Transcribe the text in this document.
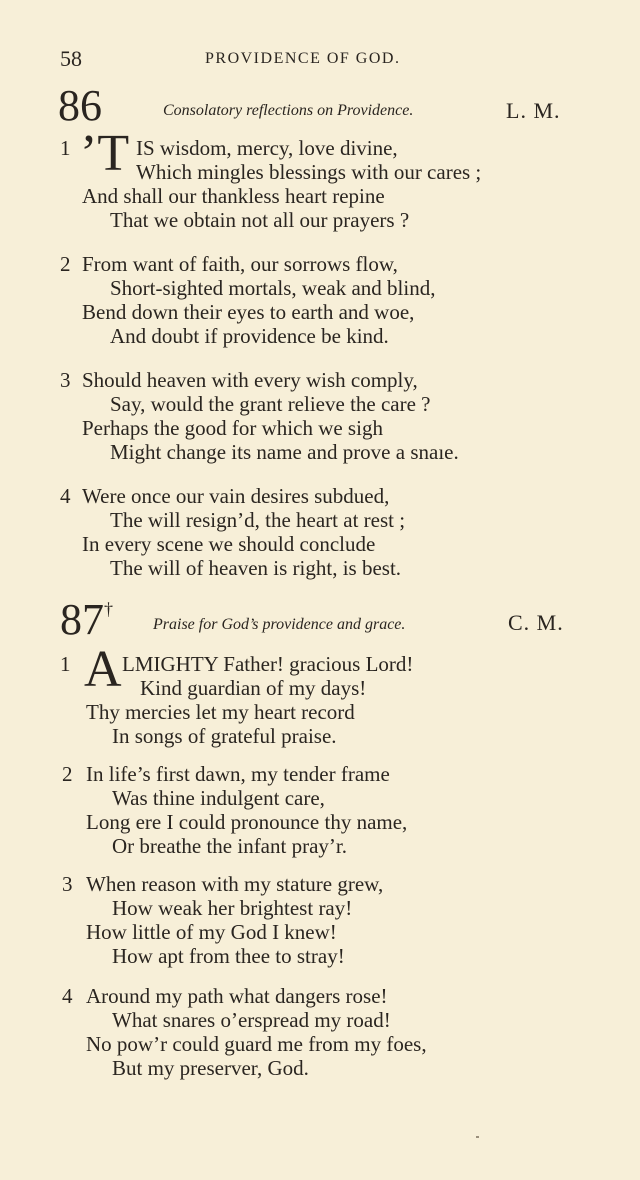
58	PROVIDENCE OF GOD.
86	Consolatory reflections on Providence.	L. M.
1 ’T IS wisdom, mercy, love divine,
Which mingles blessings with our cares ;
And shall our thankless heart repine
That we obtain not all our prayers ?
2 From want of faith, our sorrows flow,
Short-sighted mortals, weak and blind,
Bend down their eyes to earth and woe,
And doubt if providence be kind.
3 Should heaven with every wish comply,
Say, would the grant relieve the care ?
Perhaps the good for which we sigh
Might change its name and prove a snaıe.
4 Were once our vain desires subdued,
The will resign’d, the heart at rest ;
In every scene we should conclude
The will of heaven is right, is best.
87†
Praise for God’s providence and grace.	C. M.
1 A LMIGHTY Father! gracious Lord!
Kind guardian of my days!
Thy mercies let my heart record
In songs of grateful praise.
2 In life’s first dawn, my tender frame
Was thine indulgent care,
Long ere I could pronounce thy name,
Or breathe the infant pray’r.
3 When reason with my stature grew,
How weak her brightest ray!
How little of my God I knew!
How apt from thee to stray!
4 Around my path what dangers rose!
What snares o’erspread my road!
No pow’r could guard me from my foes,
But my preserver, God.
